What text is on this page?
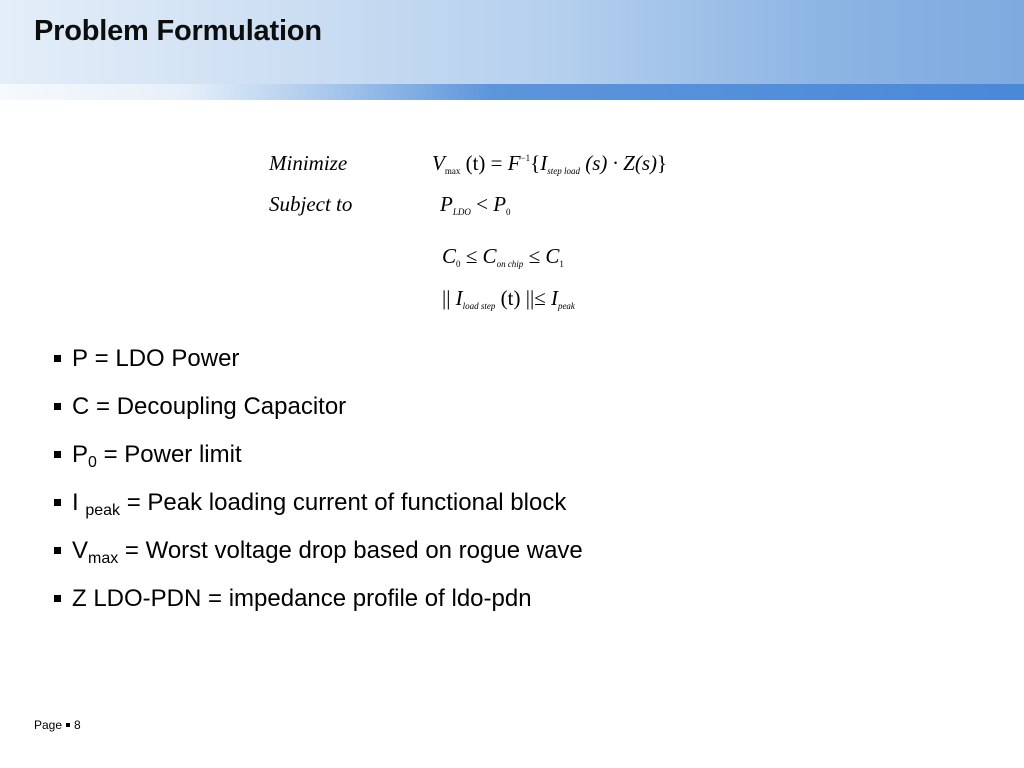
Problem Formulation
Minimize	$V_{max}$ $(t) = F^{-1}\{I_{step load}$ (s) · Z(s)}
Subject to	$P_{LDO} < P_0$
$C_0 \le C_{on chip} \le C_1$
|| $I_{load step}$ (t) ||≤ $I_{peak}$
P = LDO Power
C = Decoupling Capacitor
$P_0$ = Power limit
I $_{peak}$ = Peak loading current of functional block
$V_{max}$ = Worst voltage drop based on rogue wave
Z LDO-PDN = impedance profile of ldo-pdn
Page 8
